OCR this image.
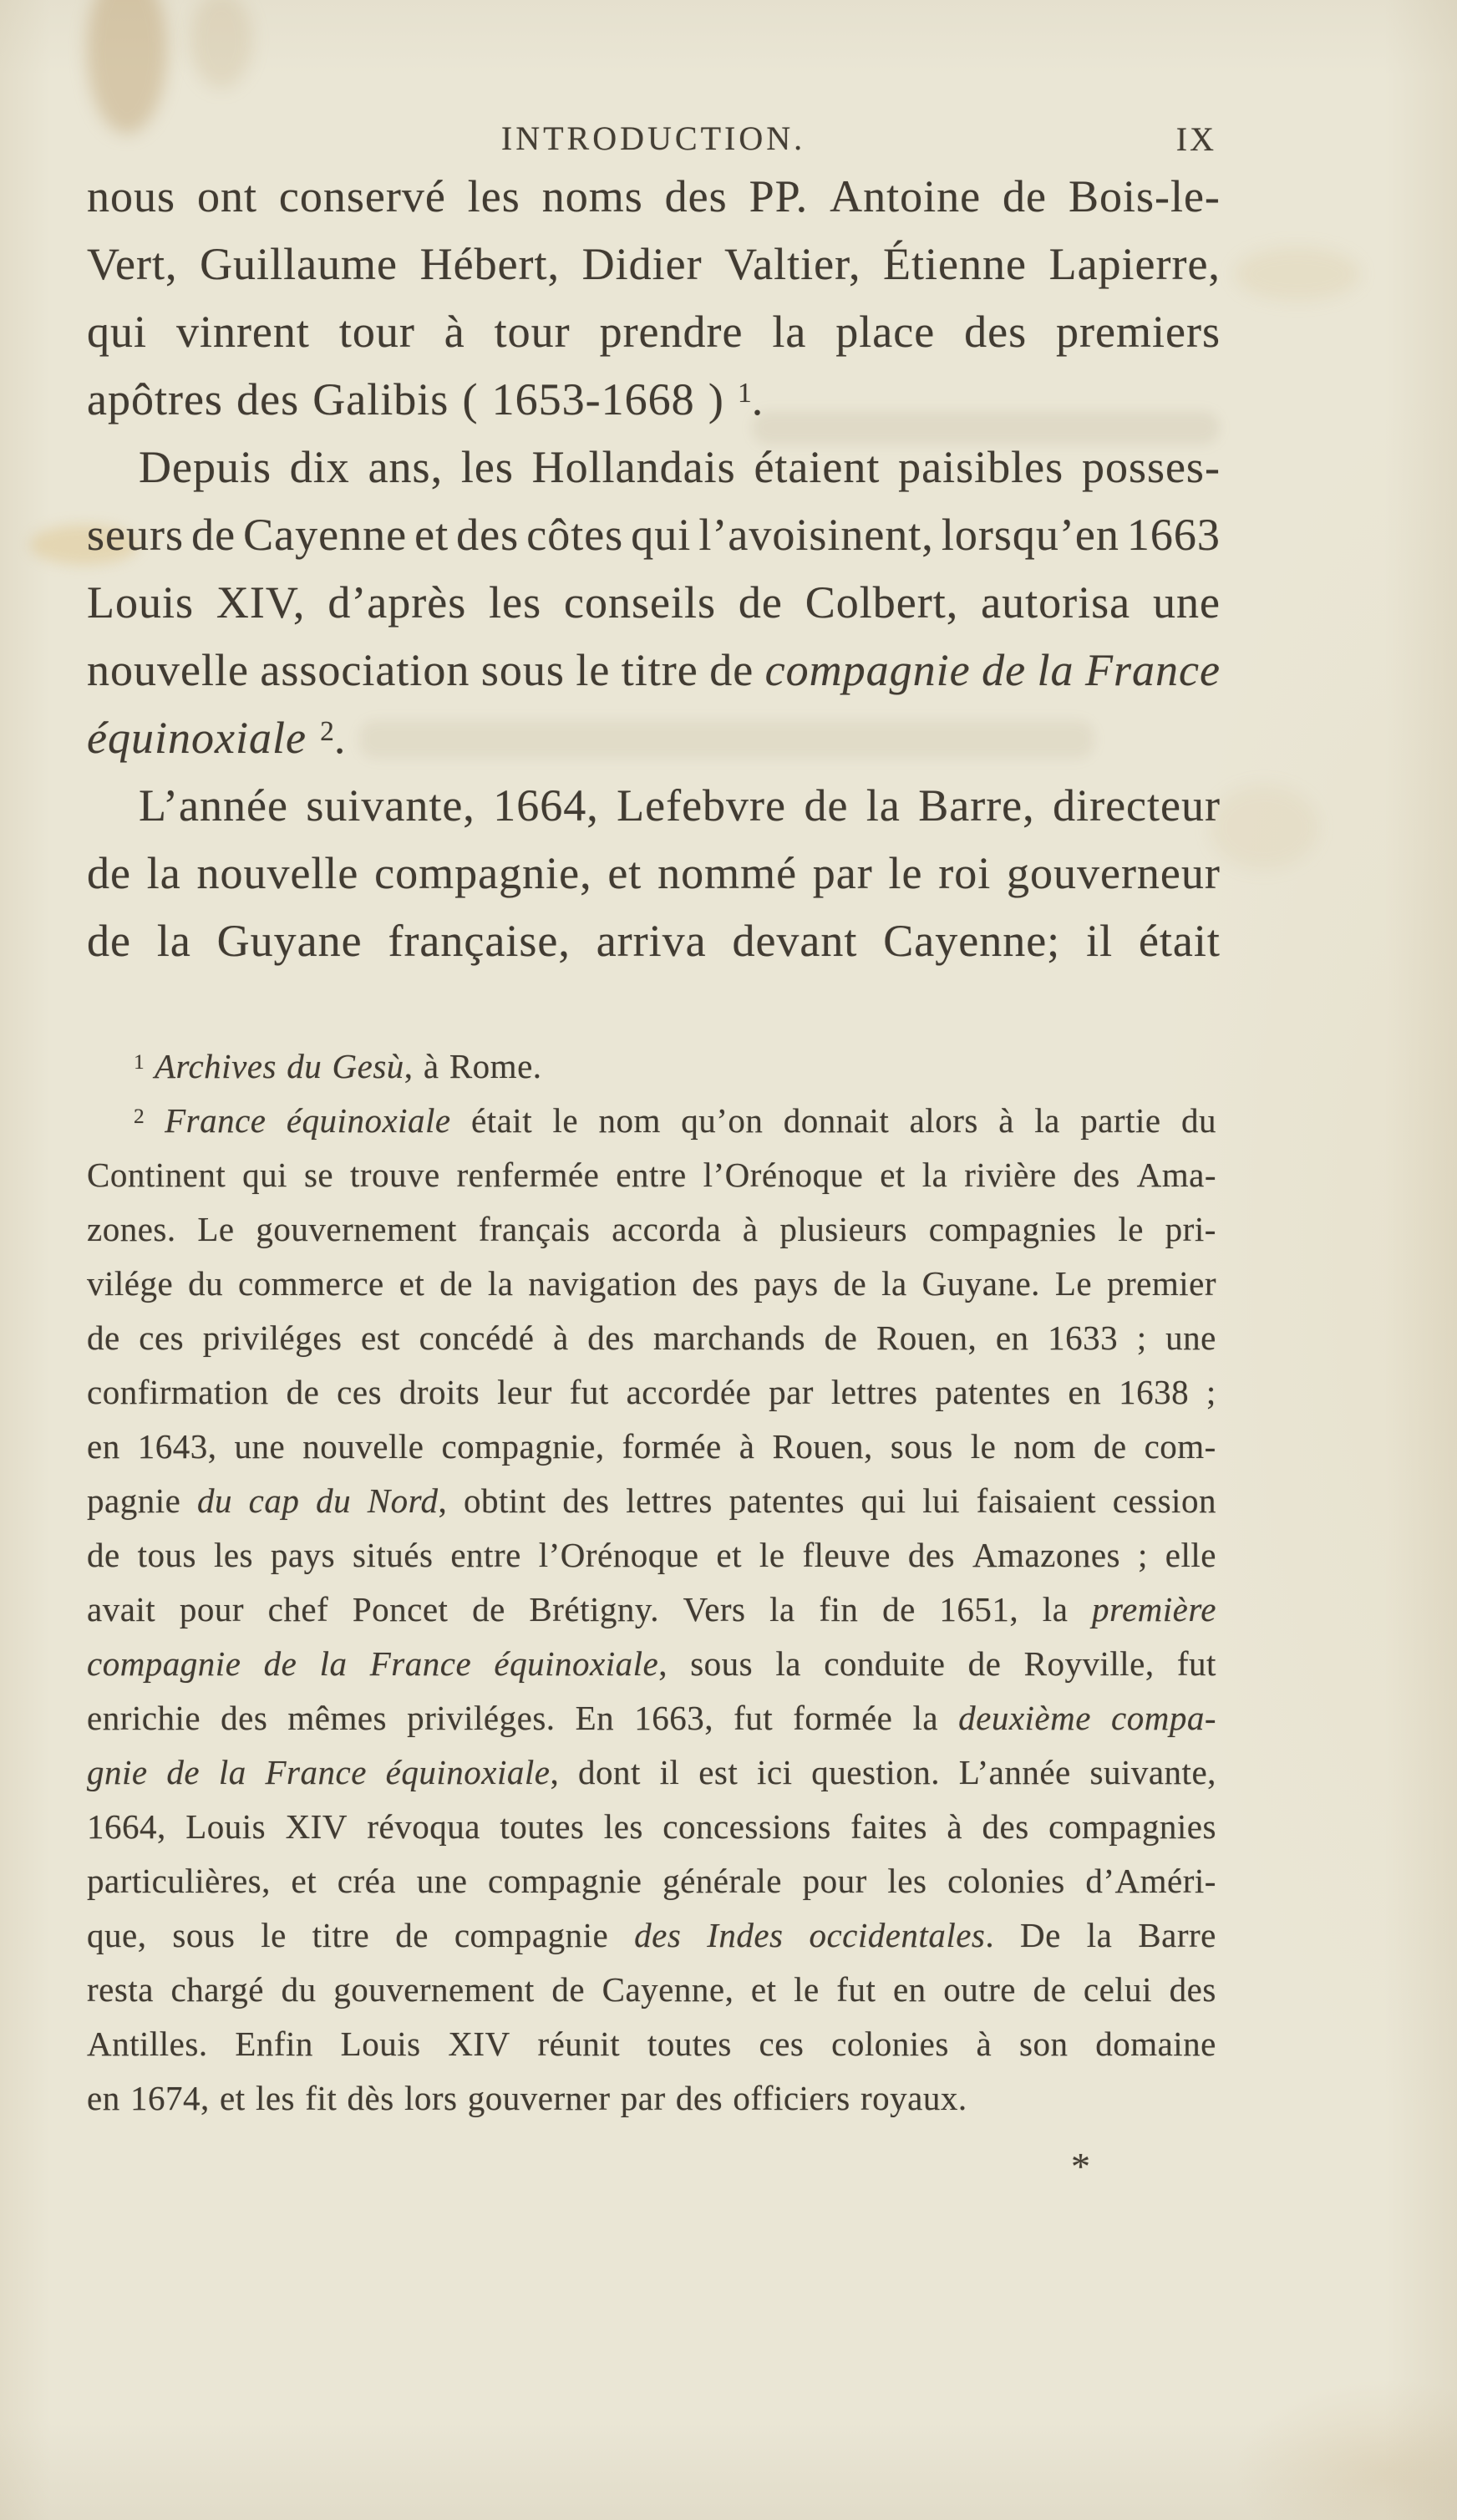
INTRODUCTION.	IX
nous ont conservé les noms des PP. Antoine de Bois-le-
Vert, Guillaume Hébert, Didier Valtier, Étienne Lapierre,
qui vinrent tour à tour prendre la place des premiers
apôtres des Galibis ( 1653-1668 ) $^1$.
Depuis dix ans, les Hollandais étaient paisibles posses-
seurs de Cayenne et des côtes qui l’avoisinent, lorsqu’en 1663
Louis XIV, d’après les conseils de Colbert, autorisa une
nouvelle association sous le titre de compagnie de la France
équinoxiale $^2$.
L’année suivante, 1664, Lefebvre de la Barre, directeur
de la nouvelle compagnie, et nommé par le roi gouverneur
de la Guyane française, arriva devant Cayenne; il était
$^1$ Archives du Gesù, à Rome.
$^2$ France équinoxiale était le nom qu’on donnait alors à la partie du
Continent qui se trouve renfermée entre l’Orénoque et la rivière des Ama-
zones. Le gouvernement français accorda à plusieurs compagnies le pri-
vilége du commerce et de la navigation des pays de la Guyane. Le premier
de ces priviléges est concédé à des marchands de Rouen, en 1633 ; une
confirmation de ces droits leur fut accordée par lettres patentes en 1638 ;
en 1643, une nouvelle compagnie, formée à Rouen, sous le nom de com-
pagnie du cap du Nord, obtint des lettres patentes qui lui faisaient cession
de tous les pays situés entre l’Orénoque et le fleuve des Amazones ; elle
avait pour chef Poncet de Brétigny. Vers la fin de 1651, la première
compagnie de la France équinoxiale, sous la conduite de Royville, fut
enrichie des mêmes priviléges. En 1663, fut formée la deuxième compa-
gnie de la France équinoxiale, dont il est ici question. L’année suivante,
1664, Louis XIV révoqua toutes les concessions faites à des compagnies
particulières, et créa une compagnie générale pour les colonies d’Améri-
que, sous le titre de compagnie des Indes occidentales. De la Barre
resta chargé du gouvernement de Cayenne, et le fut en outre de celui des
Antilles. Enfin Louis XIV réunit toutes ces colonies à son domaine
en 1674, et les fit dès lors gouverner par des officiers royaux.
*
